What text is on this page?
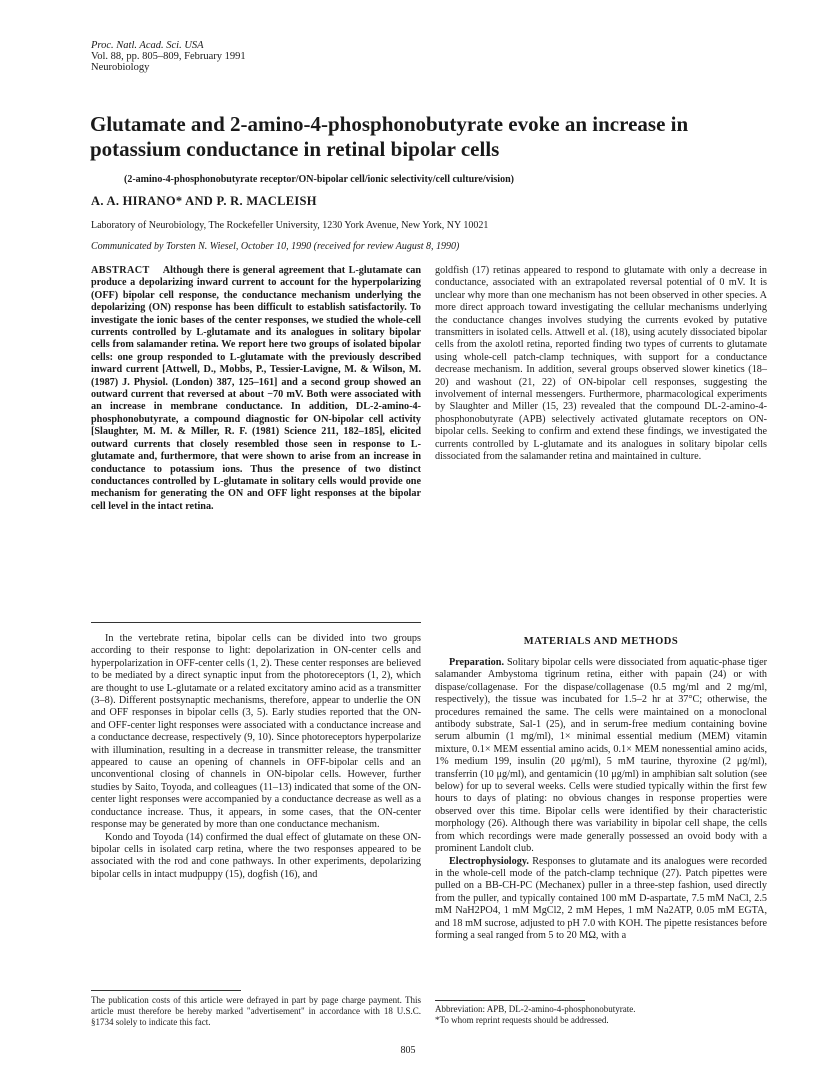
Proc. Natl. Acad. Sci. USA
Vol. 88, pp. 805–809, February 1991
Neurobiology
Glutamate and 2-amino-4-phosphonobutyrate evoke an increase in potassium conductance in retinal bipolar cells
(2-amino-4-phosphonobutyrate receptor/ON-bipolar cell/ionic selectivity/cell culture/vision)
A. A. HIRANO* AND P. R. MACLEISH
Laboratory of Neurobiology, The Rockefeller University, 1230 York Avenue, New York, NY 10021
Communicated by Torsten N. Wiesel, October 10, 1990 (received for review August 8, 1990)
ABSTRACT Although there is general agreement that L-glutamate can produce a depolarizing inward current to account for the hyperpolarizing (OFF) bipolar cell response, the conductance mechanism underlying the depolarizing (ON) response has been difficult to establish satisfactorily. To investigate the ionic bases of the center responses, we studied the whole-cell currents controlled by L-glutamate and its analogues in solitary bipolar cells from salamander retina. We report here two groups of isolated bipolar cells: one group responded to L-glutamate with the previously described inward current [Attwell, D., Mobbs, P., Tessier-Lavigne, M. & Wilson, M. (1987) J. Physiol. (London) 387, 125–161] and a second group showed an outward current that reversed at about −70 mV. Both were associated with an increase in membrane conductance. In addition, DL-2-amino-4-phosphonobutyrate, a compound diagnostic for ON-bipolar cell activity [Slaughter, M. M. & Miller, R. F. (1981) Science 211, 182–185], elicited outward currents that closely resembled those seen in response to L-glutamate and, furthermore, that were shown to arise from an increase in conductance to potassium ions. Thus the presence of two distinct conductances controlled by L-glutamate in solitary cells would provide one mechanism for generating the ON and OFF light responses at the bipolar cell level in the intact retina.

In the vertebrate retina, bipolar cells can be divided into two groups according to their response to light: depolarization in ON-center cells and hyperpolarization in OFF-center cells (1, 2). These center responses are believed to be mediated by a direct synaptic input from the photoreceptors (1, 2), which are thought to use L-glutamate or a related excitatory amino acid as a transmitter (3–8). Different postsynaptic mechanisms, therefore, appear to underlie the ON and OFF responses in bipolar cells (3, 5). Early studies reported that the ON- and OFF-center light responses were associated with a conductance increase and a conductance decrease, respectively (9, 10). Since photoreceptors hyperpolarize with illumination, resulting in a decrease in transmitter release, the transmitter appeared to cause an opening of channels in OFF-bipolar cells and an unconventional closing of channels in ON-bipolar cells. However, further studies by Saito, Toyoda, and colleagues (11–13) indicated that some of the ON-center light responses were accompanied by a conductance decrease as well as a conductance increase. Thus, it appears, in some cases, that the ON-center response may be generated by more than one conductance mechanism.

Kondo and Toyoda (14) confirmed the dual effect of glutamate on these ON-bipolar cells in isolated carp retina, where the two responses appeared to be associated with the rod and cone pathways. In other experiments, depolarizing bipolar cells in intact mudpuppy (15), dogfish (16), and

goldfish (17) retinas appeared to respond to glutamate with only a decrease in conductance, associated with an extrapolated reversal potential of 0 mV. It is unclear why more than one mechanism has not been observed in other species. A more direct approach toward investigating the cellular mechanisms underlying the conductance changes involves studying the currents evoked by putative transmitters in isolated cells. Attwell et al. (18), using acutely dissociated bipolar cells from the axolotl retina, reported finding two types of currents to glutamate using whole-cell patch-clamp techniques, with support for a conductance decrease mechanism. In addition, several groups observed slower kinetics (18–20) and washout (21, 22) of ON-bipolar cell responses, suggesting the involvement of internal messengers. Furthermore, pharmacological experiments by Slaughter and Miller (15, 23) revealed that the compound DL-2-amino-4-phosphonobutyrate (APB) selectively activated glutamate receptors on ON-bipolar cells. Seeking to confirm and extend these findings, we investigated the currents controlled by L-glutamate and its analogues in solitary bipolar cells dissociated from the salamander retina and maintained in culture.

MATERIALS AND METHODS

Preparation. Solitary bipolar cells were dissociated from aquatic-phase tiger salamander Ambystoma tigrinum retina, either with papain (24) or with dispase/collagenase. For the dispase/collagenase (0.5 mg/ml and 2 mg/ml, respectively), the tissue was incubated for 1.5–2 hr at 37°C; otherwise, the procedures remained the same. The cells were maintained on a monoclonal antibody substrate, Sal-1 (25), and in serum-free medium containing bovine serum albumin (1 mg/ml), 1× minimal essential medium (MEM) vitamin mixture, 0.1× MEM essential amino acids, 0.1× MEM nonessential amino acids, 1% medium 199, insulin (20 μg/ml), 5 mM taurine, thyroxine (2 μg/ml), transferrin (10 μg/ml), and gentamicin (10 μg/ml) in amphibian salt solution (see below) for up to several weeks. Cells were studied typically within the first few hours to days of plating: no obvious changes in response properties were observed over this time. Bipolar cells were identified by their characteristic morphology (26). Although there was variability in bipolar cell shape, the cells from which recordings were made generally possessed an ovoid body with a prominent Landolt club.

Electrophysiology. Responses to glutamate and its analogues were recorded in the whole-cell mode of the patch-clamp technique (27). Patch pipettes were pulled on a BB-CH-PC (Mechanex) puller in a three-step fashion, used directly from the puller, and typically contained 100 mM D-aspartate, 7.5 mM NaCl, 2.5 mM NaH2PO4, 1 mM MgCl2, 2 mM Hepes, 1 mM Na2ATP, 0.05 mM EGTA, and 18 mM sucrose, adjusted to pH 7.0 with KOH. The pipette resistances before forming a seal ranged from 5 to 20 MΩ, with a

The publication costs of this article were defrayed in part by page charge payment. This article must therefore be hereby marked "advertisement" in accordance with 18 U.S.C. §1734 solely to indicate this fact.
Abbreviation: APB, DL-2-amino-4-phosphonobutyrate.
*To whom reprint requests should be addressed.
805
